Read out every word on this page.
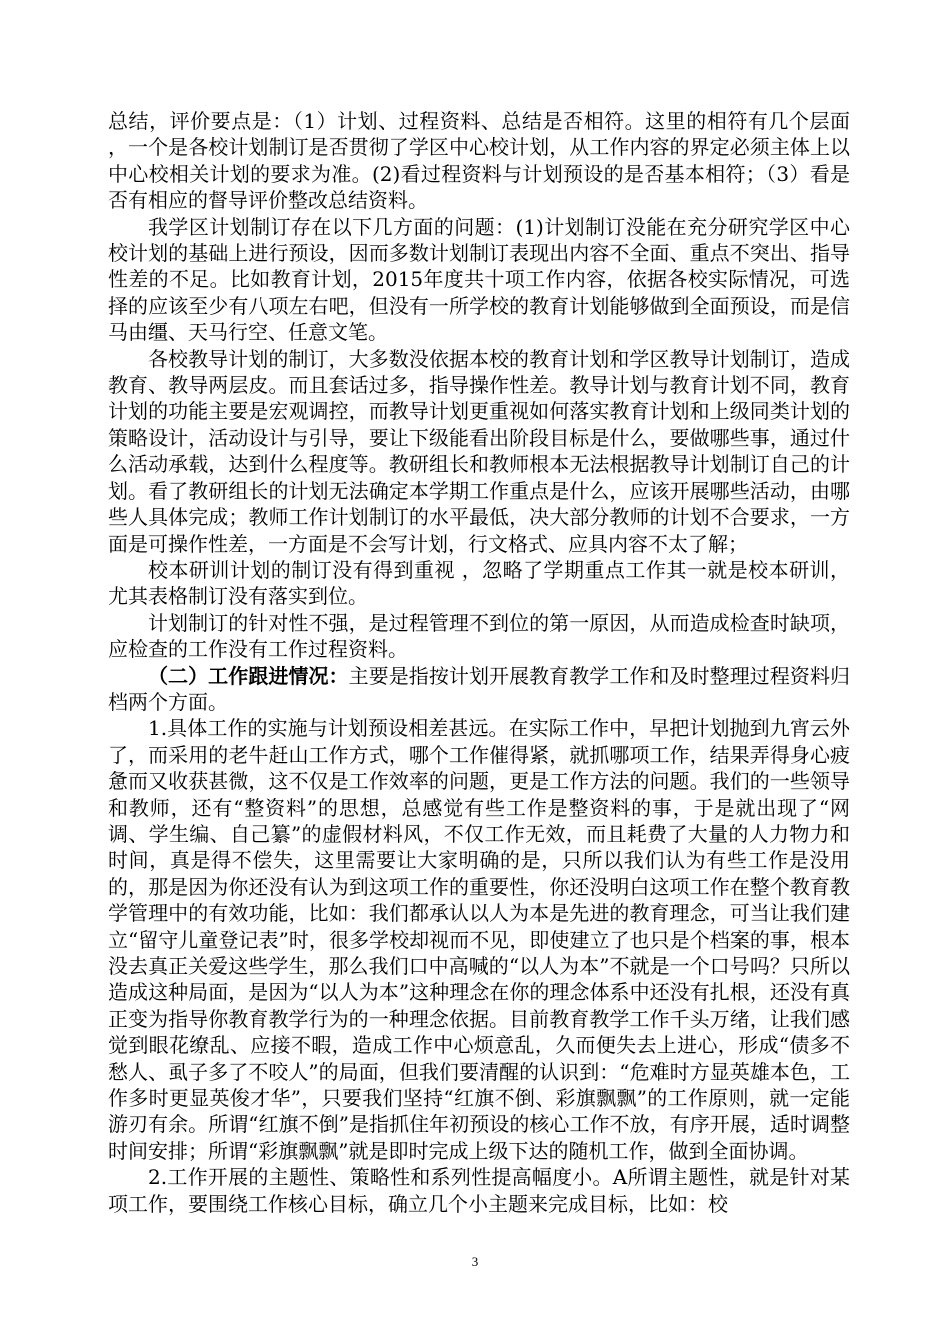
总结，评价要点是：（1）计划、过程资料、总结是否相符。这里的相符有几个层面 ，一个是各校计划制订是否贯彻了学区中心校计划，从工作内容的界定必须主体上以中心校相关计划的要求为准。(2)看过程资料与计划预设的是否基本相符；（3）看是否有相应的督导评价整改总结资料。

我学区计划制订存在以下几方面的问题：(1)计划制订没能在充分研究学区中心校计划的基础上进行预设，因而多数计划制订表现出内容不全面、重点不突出、指导性差的不足。比如教育计划，2015年度共十项工作内容，依据各校实际情况，可选择的应该至少有八项左右吧，但没有一所学校的教育计划能够做到全面预设，而是信马由缰、天马行空、任意文笔。

各校教导计划的制订，大多数没依据本校的教育计划和学区教导计划制订，造成教育、教导两层皮。而且套话过多，指导操作性差。教导计划与教育计划不同，教育计划的功能主要是宏观调控，而教导计划更重视如何落实教育计划和上级同类计划的策略设计，活动设计与引导，要让下级能看出阶段目标是什么，要做哪些事，通过什么活动承载，达到什么程度等。教研组长和教师根本无法根据教导计划制订自己的计划。看了教研组长的计划无法确定本学期工作重点是什么，应该开展哪些活动，由哪些人具体完成；教师工作计划制订的水平最低，决大部分教师的计划不合要求，一方面是可操作性差，一方面是不会写计划，行文格式、应具内容不太了解；

校本研训计划的制订没有得到重视 ，忽略了学期重点工作其一就是校本研训，尤其表格制订没有落实到位。

计划制订的针对性不强，是过程管理不到位的第一原因，从而造成检查时缺项，应检查的工作没有工作过程资料。

（二）工作跟进情况：主要是指按计划开展教育教学工作和及时整理过程资料归档两个方面。

1.具体工作的实施与计划预设相差甚远。在实际工作中，早把计划抛到九宵云外了，而采用的老牛赶山工作方式，哪个工作催得紧，就抓哪项工作，结果弄得身心疲惫而又收获甚微，这不仅是工作效率的问题，更是工作方法的问题。我们的一些领导和教师，还有“整资料”的思想，总感觉有些工作是整资料的事，于是就出现了“网调、学生编、自己纂”的虚假材料风，不仅工作无效，而且耗费了大量的人力物力和时间，真是得不偿失，这里需要让大家明确的是，只所以我们认为有些工作是没用的，那是因为你还没有认为到这项工作的重要性，你还没明白这项工作在整个教育教学管理中的有效功能，比如：我们都承认以人为本是先进的教育理念，可当让我们建立“留守儿童登记表”时，很多学校却视而不见，即使建立了也只是个档案的事，根本没去真正关爱这些学生，那么我们口中高喊的“以人为本”不就是一个口号吗？只所以造成这种局面，是因为“以人为本”这种理念在你的理念体系中还没有扎根，还没有真正变为指导你教育教学行为的一种理念依据。目前教育教学工作千头万绪，让我们感觉到眼花缭乱、应接不暇，造成工作中心烦意乱，久而便失去上进心，形成“债多不愁人、虱子多了不咬人”的局面，但我们要清醒的认识到：“危难时方显英雄本色，工作多时更显英俊才华”，只要我们坚持“红旗不倒、彩旗飘飘”的工作原则，就一定能游刃有余。所谓“红旗不倒”是指抓住年初预设的核心工作不放，有序开展，适时调整时间安排；所谓“彩旗飘飘”就是即时完成上级下达的随机工作，做到全面协调。

2.工作开展的主题性、策略性和系列性提高幅度小。A所谓主题性，就是针对某项工作，要围绕工作核心目标，确立几个小主题来完成目标，比如：校

3
